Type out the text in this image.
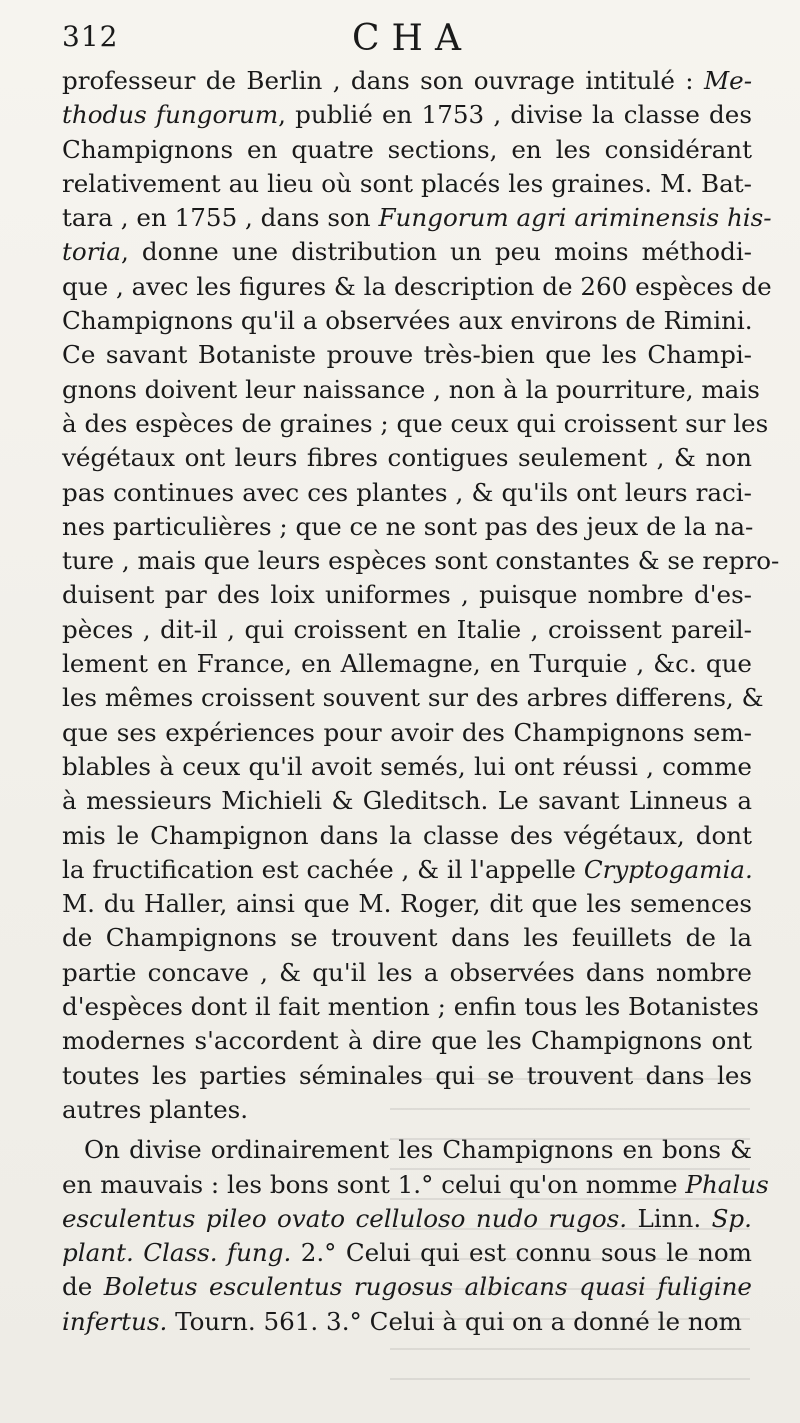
312	CHA
professeur de Berlin , dans son ouvrage intitulé : Me-
thodus fungorum, publié en 1753 , divise la classe des
Champignons en quatre sections, en les considérant
relativement au lieu où sont placés les graines. M. Bat-
tara , en 1755 , dans son Fungorum agri ariminensis his-
toria, donne une distribution un peu moins méthodi-
que , avec les figures & la description de 260 espèces de
Champignons qu'il a observées aux environs de Rimini.
Ce savant Botaniste prouve très-bien que les Champi-
gnons doivent leur naissance , non à la pourriture, mais
à des espèces de graines ; que ceux qui croissent sur les
végétaux ont leurs fibres contigues seulement , & non
pas continues avec ces plantes , & qu'ils ont leurs raci-
nes particulières ; que ce ne sont pas des jeux de la na-
ture , mais que leurs espèces sont constantes & se repro-
duisent par des loix uniformes , puisque nombre d'es-
pèces , dit-il , qui croissent en Italie , croissent pareil-
lement en France, en Allemagne, en Turquie , &c. que
les mêmes croissent souvent sur des arbres differens, &
que ses expériences pour avoir des Champignons sem-
blables à ceux qu'il avoit semés, lui ont réussi , comme
à messieurs Michieli & Gleditsch. Le savant Linneus a
mis le Champignon dans la classe des végétaux, dont
la fructification est cachée , & il l'appelle Cryptogamia.
M. du Haller, ainsi que M. Roger, dit que les semences
de Champignons se trouvent dans les feuillets de la
partie concave , & qu'il les a observées dans nombre
d'espèces dont il fait mention ; enfin tous les Botanistes
modernes s'accordent à dire que les Champignons ont
toutes les parties séminales qui se trouvent dans les
autres plantes.
On divise ordinairement les Champignons en bons &
en mauvais : les bons sont 1.° celui qu'on nomme Phalus
esculentus pileo ovato celluloso nudo rugos. Linn. Sp.
plant. Class. fung. 2.° Celui qui est connu sous le nom
de Boletus esculentus rugosus albicans quasi fuligine
infertus. Tourn. 561. 3.° Celui à qui on a donné le nom
